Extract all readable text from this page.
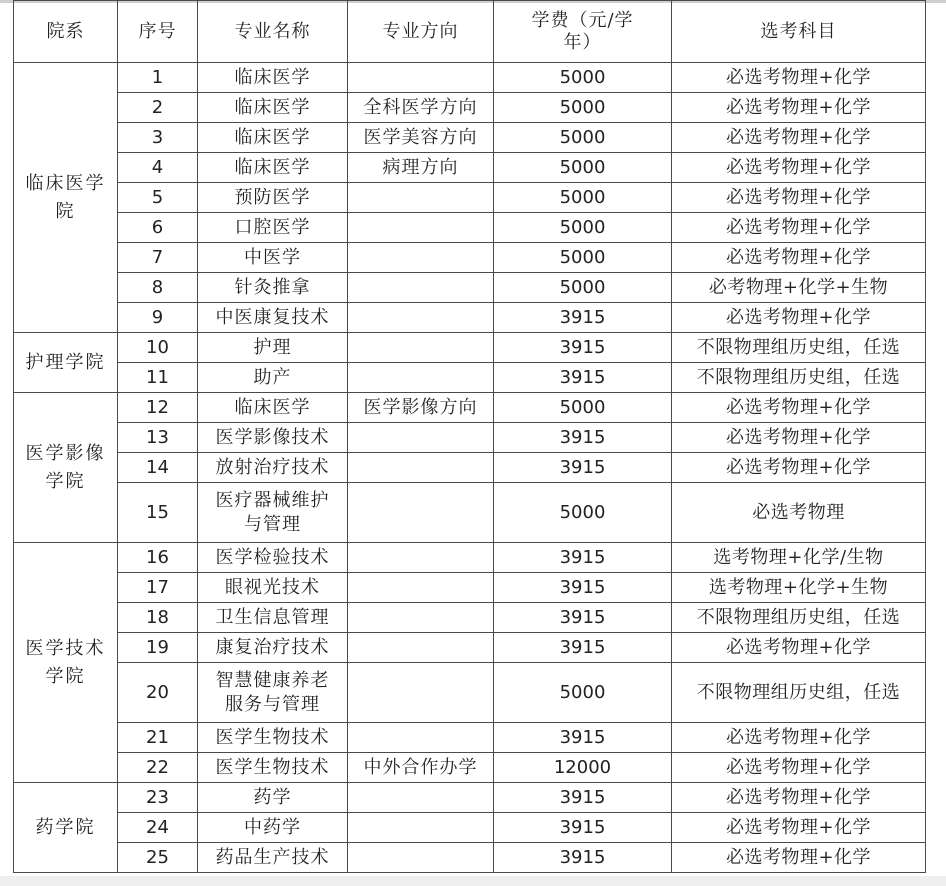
院系	序号	专业名称	专业方向	学费（元/学年）	选考科目
临床医学院	1	临床医学		5000	必选考物理+化学
	2	临床医学	全科医学方向	5000	必选考物理+化学
	3	临床医学	医学美容方向	5000	必选考物理+化学
	4	临床医学	病理方向	5000	必选考物理+化学
	5	预防医学		5000	必选考物理+化学
	6	口腔医学		5000	必选考物理+化学
	7	中医学		5000	必选考物理+化学
	8	针灸推拿		5000	必考物理+化学+生物
	9	中医康复技术		3915	必选考物理+化学
护理学院	10	护理		3915	不限物理组历史组，任选
	11	助产		3915	不限物理组历史组，任选
医学影像学院	12	临床医学	医学影像方向	5000	必选考物理+化学
	13	医学影像技术		3915	必选考物理+化学
	14	放射治疗技术		3915	必选考物理+化学
	15	医疗器械维护与管理		5000	必选考物理
医学技术学院	16	医学检验技术		3915	选考物理+化学/生物
	17	眼视光技术		3915	选考物理+化学+生物
	18	卫生信息管理		3915	不限物理组历史组，任选
	19	康复治疗技术		3915	必选考物理+化学
	20	智慧健康养老服务与管理		5000	不限物理组历史组，任选
	21	医学生物技术		3915	必选考物理+化学
	22	医学生物技术	中外合作办学	12000	必选考物理+化学
药学院	23	药学		3915	必选考物理+化学
	24	中药学		3915	必选考物理+化学
	25	药品生产技术		3915	必选考物理+化学
